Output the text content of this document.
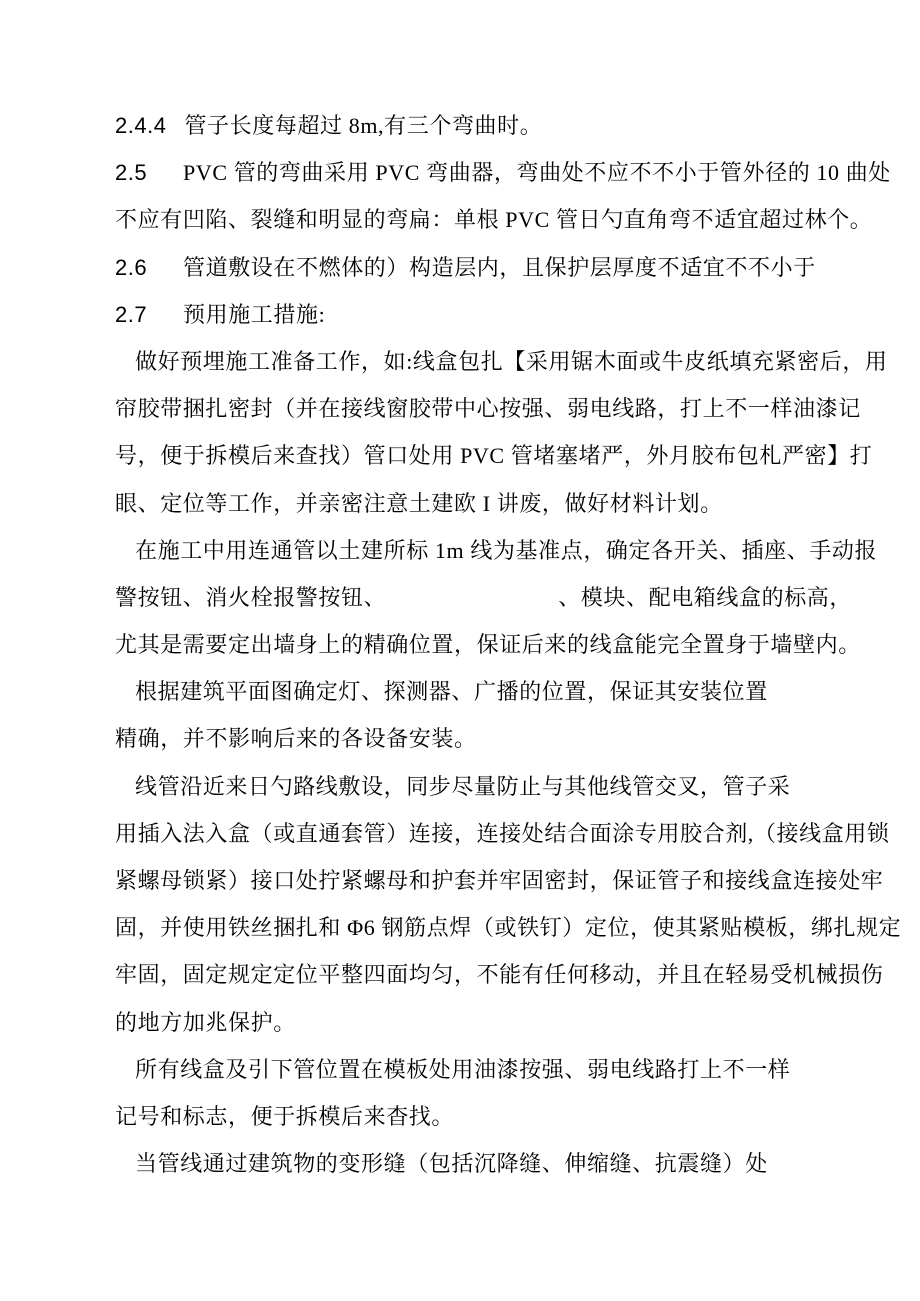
2.4.4 管子长度每超过 8m,有三个弯曲时。
2.5 PVC 管的弯曲采用 PVC 弯曲器，弯曲处不应不不小于管外径的 10 曲处
不应有凹陷、裂缝和明显的弯扁：单根 PVC 管日勺直角弯不适宜超过林个。
2.6 管道敷设在不燃体的）构造层内，且保护层厚度不适宜不不小于
2.7 预用施工措施:
做好预埋施工准备工作，如:线盒包扎【采用锯木面或牛皮纸填充紧密后，用
帘胶带捆扎密封（并在接线窗胶带中心按强、弱电线路，打上不一样油漆记
号，便于拆模后来查找）管口处用 PVC 管堵塞堵严，外月胶布包札严密】打
眼、定位等工作，并亲密注意土建欧 I 讲废，做好材料计划。
在施工中用连通管以土建所标 1m 线为基准点，确定各开关、插座、手动报
警按钮、消火栓报警按钮、	、模块、配电箱线盒的标高，
尤其是需要定出墙身上的精确位置，保证后来的线盒能完全置身于墙壁内。
根据建筑平面图确定灯、探测器、广播的位置，保证其安装位置
精确，并不影响后来的各设备安装。
线管沿近来日勺路线敷设，同步尽量防止与其他线管交叉，管子采
用插入法入盒（或直通套管）连接，连接处结合面涂专用胶合剂,（接线盒用锁
紧螺母锁紧）接口处拧紧螺母和护套并牢固密封，保证管子和接线盒连接处牢
固，并使用铁丝捆扎和 Φ6 钢筋点焊（或铁钉）定位，使其紧贴模板，绑扎规定
牢固，固定规定定位平整四面均匀，不能有任何移动，并且在轻易受机械损伤
的地方加兆保护。
所有线盒及引下管位置在模板处用油漆按强、弱电线路打上不一样
记号和标志，便于拆模后来杳找。
当管线通过建筑物的变形缝（包括沉降缝、伸缩缝、抗震缝）处
